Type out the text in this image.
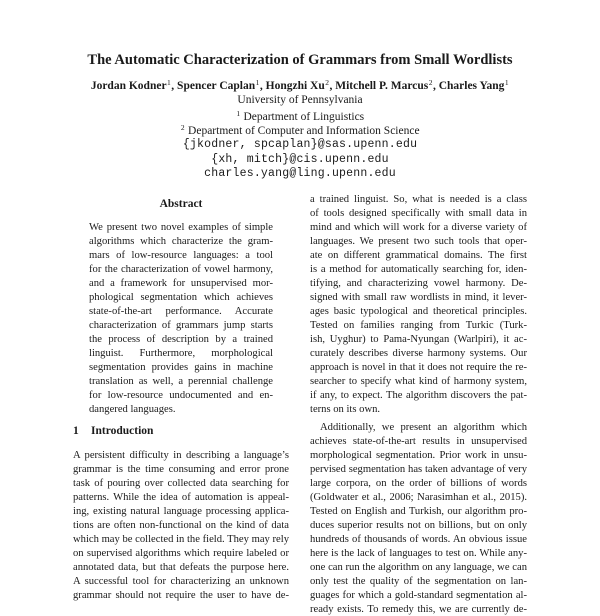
The Automatic Characterization of Grammars from Small Wordlists
Jordan Kodner$^1$, Spencer Caplan$^1$, Hongzhi Xu$^2$, Mitchell P. Marcus$^2$, Charles Yang$^1$
University of Pennsylvania
$^1$ Department of Linguistics
$^2$ Department of Computer and Information Science
{jkodner, spcaplan}@sas.upenn.edu
{xh, mitch}@cis.upenn.edu
charles.yang@ling.upenn.edu
Abstract
We present two novel examples of simple
algorithms which characterize the gram-
mars of low-resource languages: a tool
for the characterization of vowel harmony,
and a framework for unsupervised mor-
phological segmentation which achieves
state-of-the-art performance. Accurate
characterization of grammars jump starts
the process of description by a trained
linguist. Furthermore, morphological
segmentation provides gains in machine
translation as well, a perennial challenge
for low-resource undocumented and en-
dangered languages.
1 Introduction
A persistent difficulty in describing a language’s
grammar is the time consuming and error prone
task of pouring over collected data searching for
patterns. While the idea of automation is appeal-
ing, existing natural language processing applica-
tions are often non-functional on the kind of data
which may be collected in the field. They may rely
on supervised algorithms which require labeled or
annotated data, but that defeats the purpose here.
A successful tool for characterizing an unknown
grammar should not require the user to have de-
a trained linguist. So, what is needed is a class
of tools designed specifically with small data in
mind and which will work for a diverse variety of
languages. We present two such tools that oper-
ate on different grammatical domains. The first
is a method for automatically searching for, iden-
tifying, and characterizing vowel harmony. De-
signed with small raw wordlists in mind, it lever-
ages basic typological and theoretical principles.
Tested on families ranging from Turkic (Turk-
ish, Uyghur) to Pama-Nyungan (Warlpiri), it ac-
curately describes diverse harmony systems. Our
approach is novel in that it does not require the re-
searcher to specify what kind of harmony system,
if any, to expect. The algorithm discovers the pat-
terns on its own.
Additionally, we present an algorithm which
achieves state-of-the-art results in unsupervised
morphological segmentation. Prior work in unsu-
pervised segmentation has taken advantage of very
large corpora, on the order of billions of words
(Goldwater et al., 2006; Narasimhan et al., 2015).
Tested on English and Turkish, our algorithm pro-
duces superior results not on billions, but on only
hundreds of thousands of words. An obvious issue
here is the lack of languages to test on. While any-
one can run the algorithm on any language, we can
only test the quality of the segmentation on lan-
guages for which a gold-standard segmentation al-
ready exists. To remedy this, we are currently de-
